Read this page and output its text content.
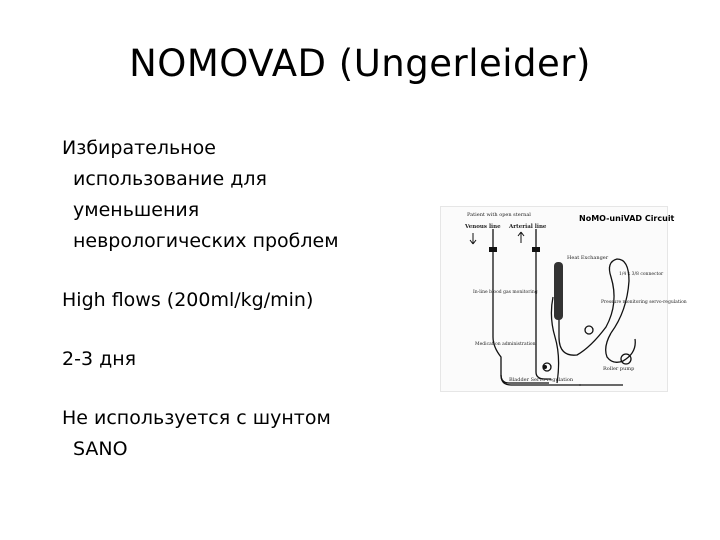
NOMOVAD (Ungerleider)
Избирательное
использование для
уменьшения
неврологических проблем
High flows (200ml/kg/min)
2-3 дня
Не используется с шунтом
SANO
Patient with open sternal	NoMO-uniVAD Circuit
Venous line Arterial line
Heat Exchanger
1/4 x 3/8 connector
In-line blood gas monitoring
Pressure monitoring servo-regulation
Medication administration
Roller pump
Bladder Servo-regulation
